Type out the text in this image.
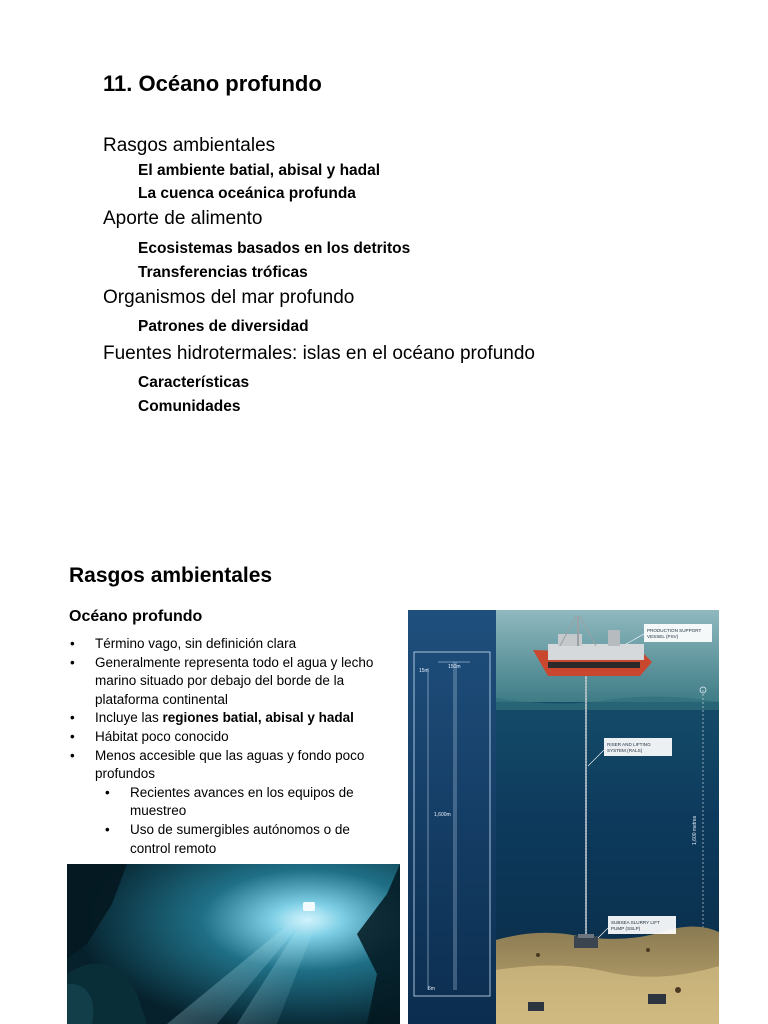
11. Océano profundo
Rasgos ambientales
El ambiente batial, abisal y hadal
La cuenca oceánica profunda
Aporte de alimento
Ecosistemas basados en los detritos
Transferencias tróficas
Organismos del mar profundo
Patrones de diversidad
Fuentes hidrotermales: islas en el océano profundo
Características
Comunidades
Rasgos ambientales
Océano profundo
• Término vago, sin definición clara
• Generalmente representa todo el agua y lecho marino situado por debajo del borde de la plataforma continental
• Incluye las regiones batial, abisal y hadal
• Hábitat poco conocido
• Menos accesible que las aguas y fondo poco profundos
• Recientes avances en los equipos de muestreo
• Uso de sumergibles autónomos o de control remoto
15m
150m
1,600m
6m
PRODUCTION SUPPORT
VESSEL (PSV)
RISER AND LIFTING
SYSTEM (RALS)
1,600 metres
SUBSEA SLURRY LIFT
PUMP (SSLP)
